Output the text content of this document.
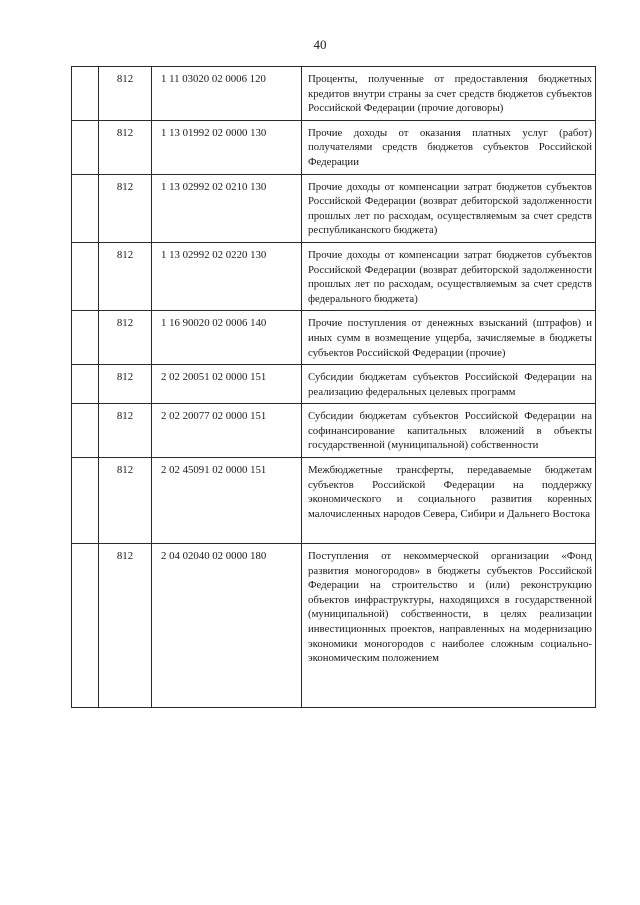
40
	812	1 11 03020 02 0006 120	Проценты, полученные от предоставления бюджетных кредитов внутри страны за счет средств бюджетов субъектов Российской Федерации (прочие договоры)
	812	1 13 01992 02 0000 130	Прочие доходы от оказания платных услуг (работ) получателями средств бюджетов субъектов Российской Федерации
	812	1 13 02992 02 0210 130	Прочие доходы от компенсации затрат бюджетов субъектов Российской Федерации (возврат дебиторской задолженности прошлых лет по расходам, осуществляемым за счет средств республиканского бюджета)
	812	1 13 02992 02 0220 130	Прочие доходы от компенсации затрат бюджетов субъектов Российской Федерации (возврат дебиторской задолженности прошлых лет по расходам, осуществляемым за счет средств федерального бюджета)
	812	1 16 90020 02 0006 140	Прочие поступления от денежных взысканий (штрафов) и иных сумм в возмещение ущерба, зачисляемые в бюджеты субъектов Российской Федерации (прочие)
	812	2 02 20051 02 0000 151	Субсидии бюджетам субъектов Российской Федерации на реализацию федеральных целевых программ
	812	2 02 20077 02 0000 151	Субсидии бюджетам субъектов Российской Федерации на софинансирование капитальных вложений в объекты государственной (муниципальной) собственности
	812	2 02 45091 02 0000 151	Межбюджетные трансферты, передаваемые бюджетам субъектов Российской Федерации на поддержку экономического и социального развития коренных малочисленных народов Севера, Сибири и Дальнего Востока
	812	2 04 02040 02 0000 180	Поступления от некоммерческой организации «Фонд развития моногородов» в бюджеты субъектов Российской Федерации на строительство и (или) реконструкцию объектов инфраструктуры, находящихся в государственной (муниципальной) собственности, в целях реализации инвестиционных проектов, направленных на модернизацию экономики моногородов с наиболее сложным социально-экономическим положением
